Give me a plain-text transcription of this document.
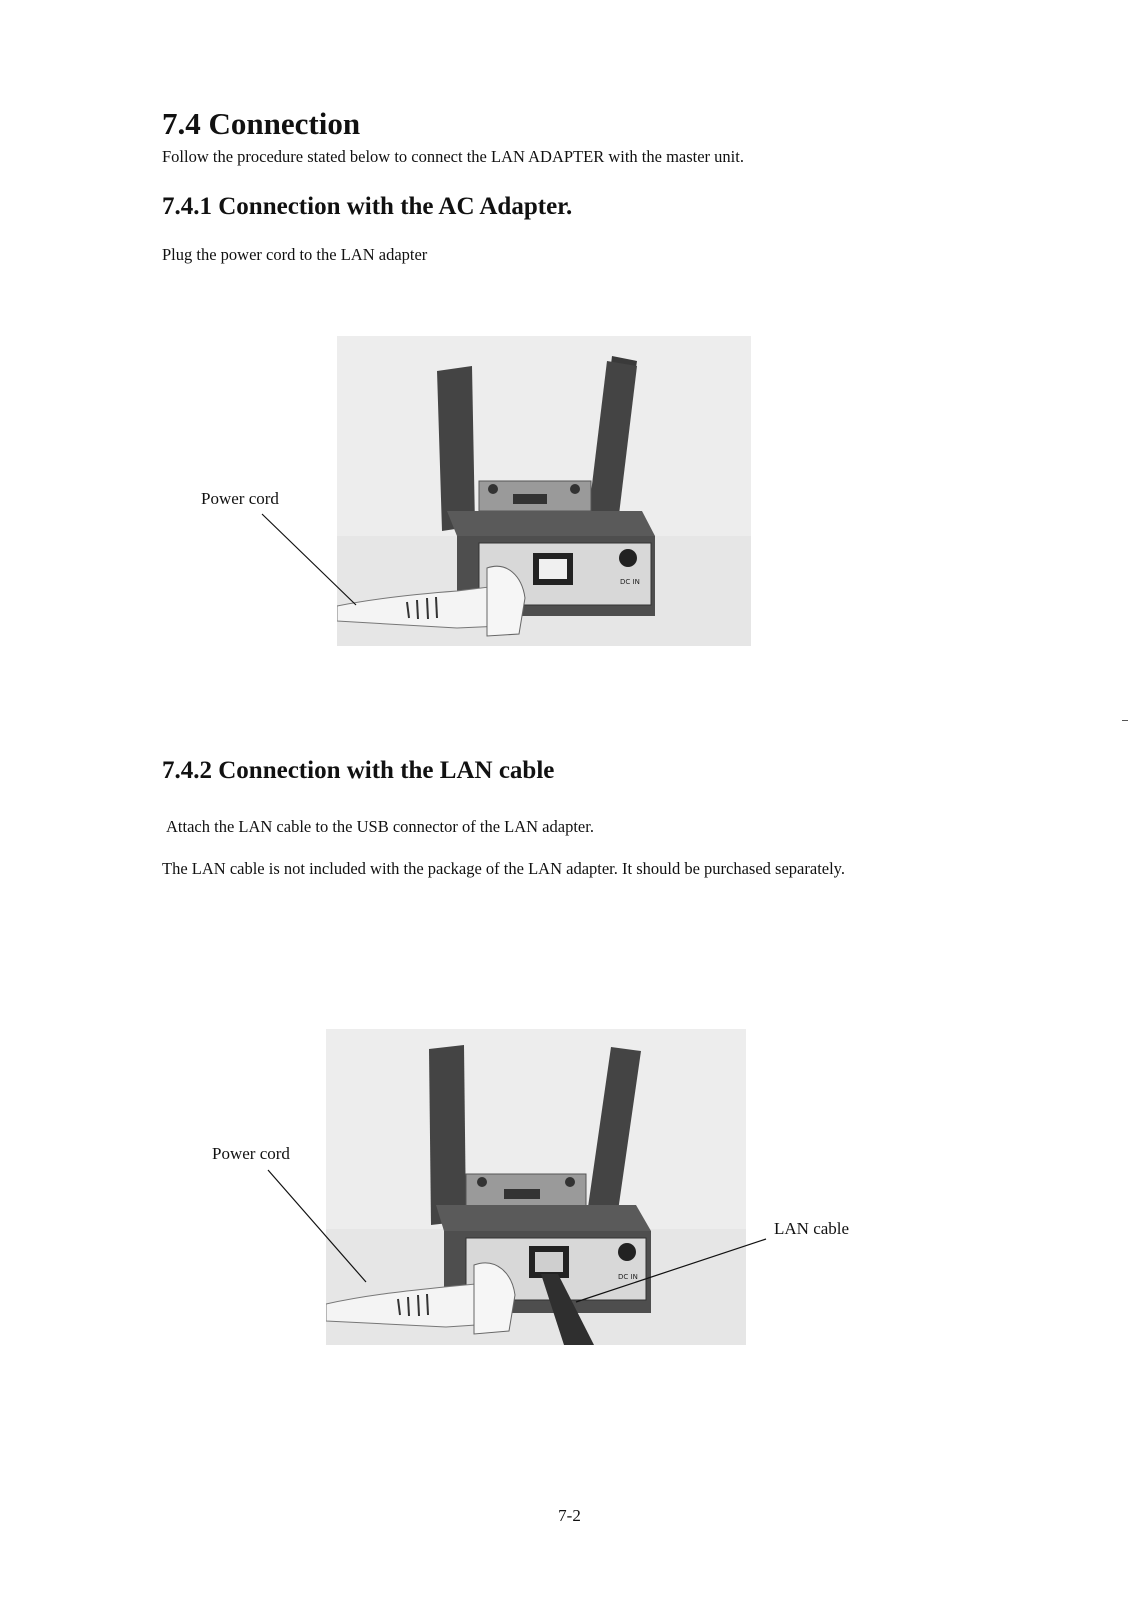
7.4 Connection
Follow the procedure stated below to connect the LAN ADAPTER with the master unit.
7.4.1 Connection with the AC Adapter.
Plug the power cord to the LAN adapter
DC IN
Power cord
7.4.2 Connection with the LAN cable
Attach the LAN cable to the USB connector of the LAN adapter.
The LAN cable is not included with the package of the LAN adapter. It should be purchased separately.
DC IN
Power cord
LAN cable
7-2
